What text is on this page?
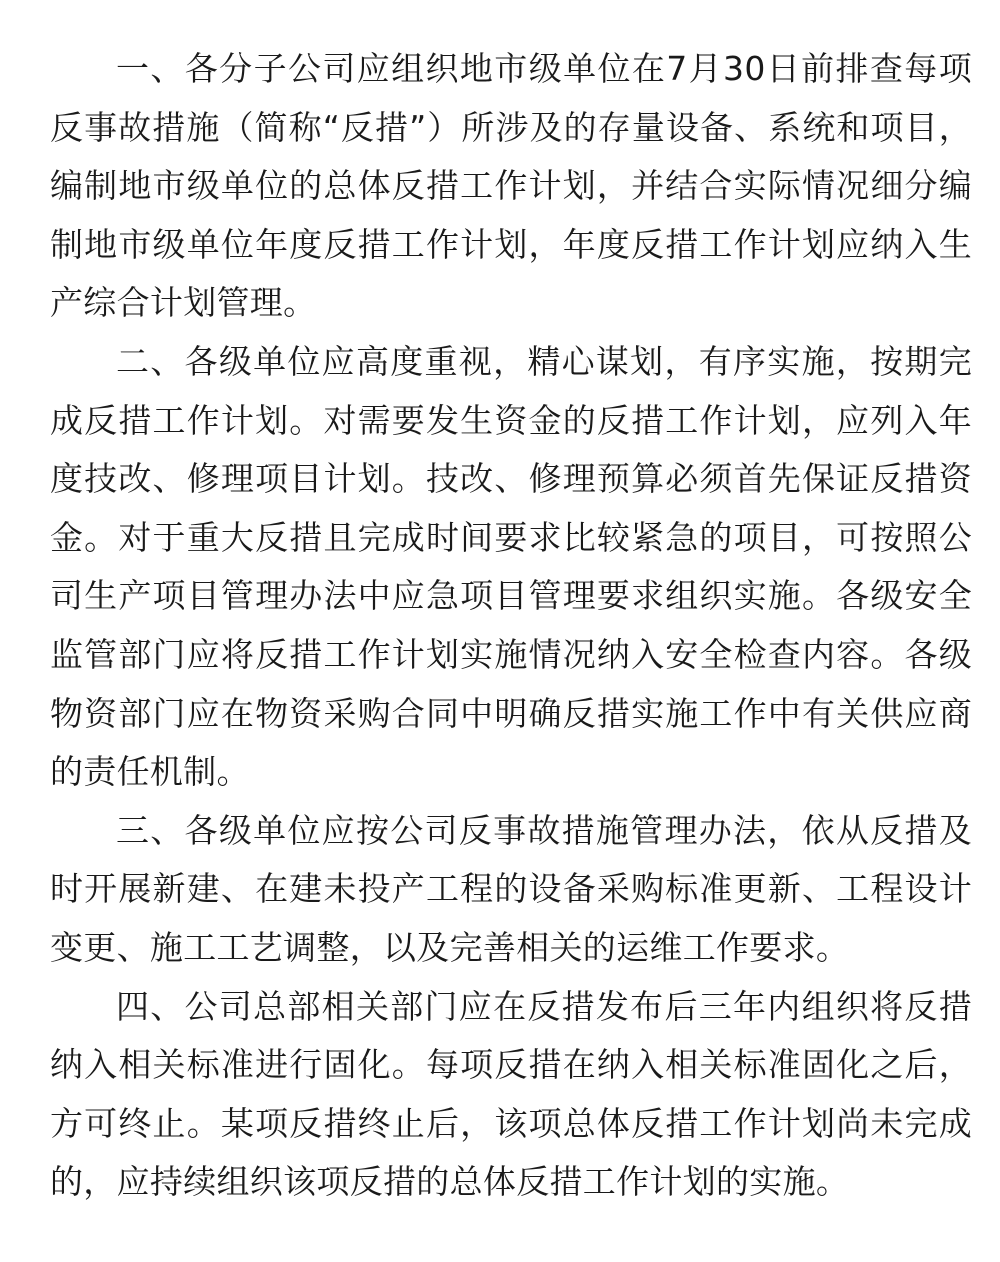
一、各分子公司应组织地市级单位在7月30日前排查每项反事故措施（简称“反措”）所涉及的存量设备、系统和项目，编制地市级单位的总体反措工作计划，并结合实际情况细分编制地市级单位年度反措工作计划，年度反措工作计划应纳入生产综合计划管理。

二、各级单位应高度重视，精心谋划，有序实施，按期完成反措工作计划。对需要发生资金的反措工作计划，应列入年度技改、修理项目计划。技改、修理预算必须首先保证反措资金。对于重大反措且完成时间要求比较紧急的项目，可按照公司生产项目管理办法中应急项目管理要求组织实施。各级安全监管部门应将反措工作计划实施情况纳入安全检查内容。各级物资部门应在物资采购合同中明确反措实施工作中有关供应商的责任机制。

三、各级单位应按公司反事故措施管理办法，依从反措及时开展新建、在建未投产工程的设备采购标准更新、工程设计变更、施工工艺调整，以及完善相关的运维工作要求。

四、公司总部相关部门应在反措发布后三年内组织将反措纳入相关标准进行固化。每项反措在纳入相关标准固化之后，方可终止。某项反措终止后，该项总体反措工作计划尚未完成的，应持续组织该项反措的总体反措工作计划的实施。
